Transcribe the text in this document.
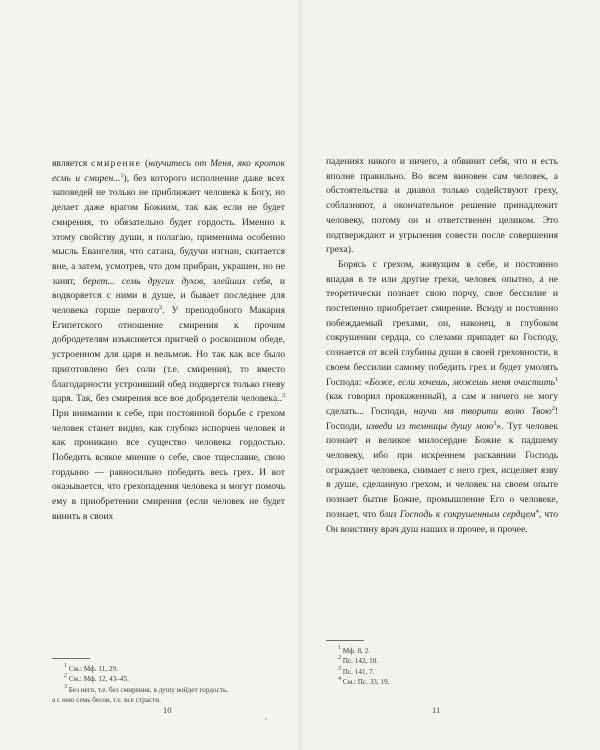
является смирение (научитесь от Меня, яко кроток есмь и смирен...$^1$), без которого исполнение даже всех заповедей не только не приближает человека к Богу, но делает даже врагом Божиим, так как если не будет смирения, то обязательно будет гордость. Именно к этому свойству души, я полагаю, применима особенно мысль Евангелия, что сатана, будучи изгнан, скитается вне, а затем, усмотрев, что дом прибран, украшен, но не занят, берет... семь других духов, злейших себя, и водворяется с ними в душе, и бывает последнее для человека горше первого$^2$. У преподобного Макария Египетского отношение смирения к прочим добродетелям изъясняется притчей о роскошном обеде, устроенном для царя и вельмож. Но так как все было приготовлено без соли (т.е. смирения), то вместо благодарности устроивший обед подвергся только гневу царя. Так, без смирения все вое добродетели человека..$^3$ При внимании к себе, при постоянной борьбе с грехом человек станет видно, как глубоко испорчен человек и как проникано все существо человека гордостью. Победить всякое мнение о себе, свое тщеславие, свою гордыню — равносильно победить весь грех. И вот оказывается, что грехопадения человека и могут помочь ему в приобретении смирения (если человек не будет винить в своих

$^1$ См.: Мф. 11, 29.
$^2$ См.: Мф. 12, 43–45.
$^3$ Без него, т.е. без смирения, в душу войдет гордость,
а с нею семь бесов, т.е. все страсти.
10

падениях никого и ничего, а обвинит себя, что и есть вполне правильно. Во всем виновен сам человек, а обстоятельства и диавол только содействуют греху, соблазняют, а окончательное решение принадлежит человеку, потому он и ответственен целиком. Это подтверждают и угрызения совести после совершения греха).

Борясь с грехом, живущим в себе, и постоянно впадая в те или другие грехи, человек опытно, а не теоретически познает свою порчу, свое бессилие и постепенно приобретает смирение. Всюду и постоянно побеждаемый грехами, он, наконец, в глубоком сокрушении сердца, со слезами припадет ко Господу, сознается от всей глубины души в своей греховности, в своем бессилии самому победить грех и будет умолять Господа: «Боже, если хочешь, можешь меня очистить$^1$ (как говорил прокаженный), а сам я ничего не могу сделать... Господи, научи мя творити волю Твою$^2$! Господи, изведи из темницы душу мою$^3$». Тут человек познает и великое милосердие Божие к падшему человеку, ибо при искреннем раскаянии Господь ограждает человека, снимает с него грех, исцеляет язву в душе, сделанную грехом, и человек на своем опыте познает бытие Божие, промышление Его о человеке, познает, что близ Господь к сокрушенным сердцем$^4$, что Он воистину врач душ наших и прочее, и прочее.

$^1$ Мф. 8, 2.
$^2$ Пс. 142, 10.
$^3$ Пс. 141, 7.
$^4$ См.: Пс. 33, 19.
11
